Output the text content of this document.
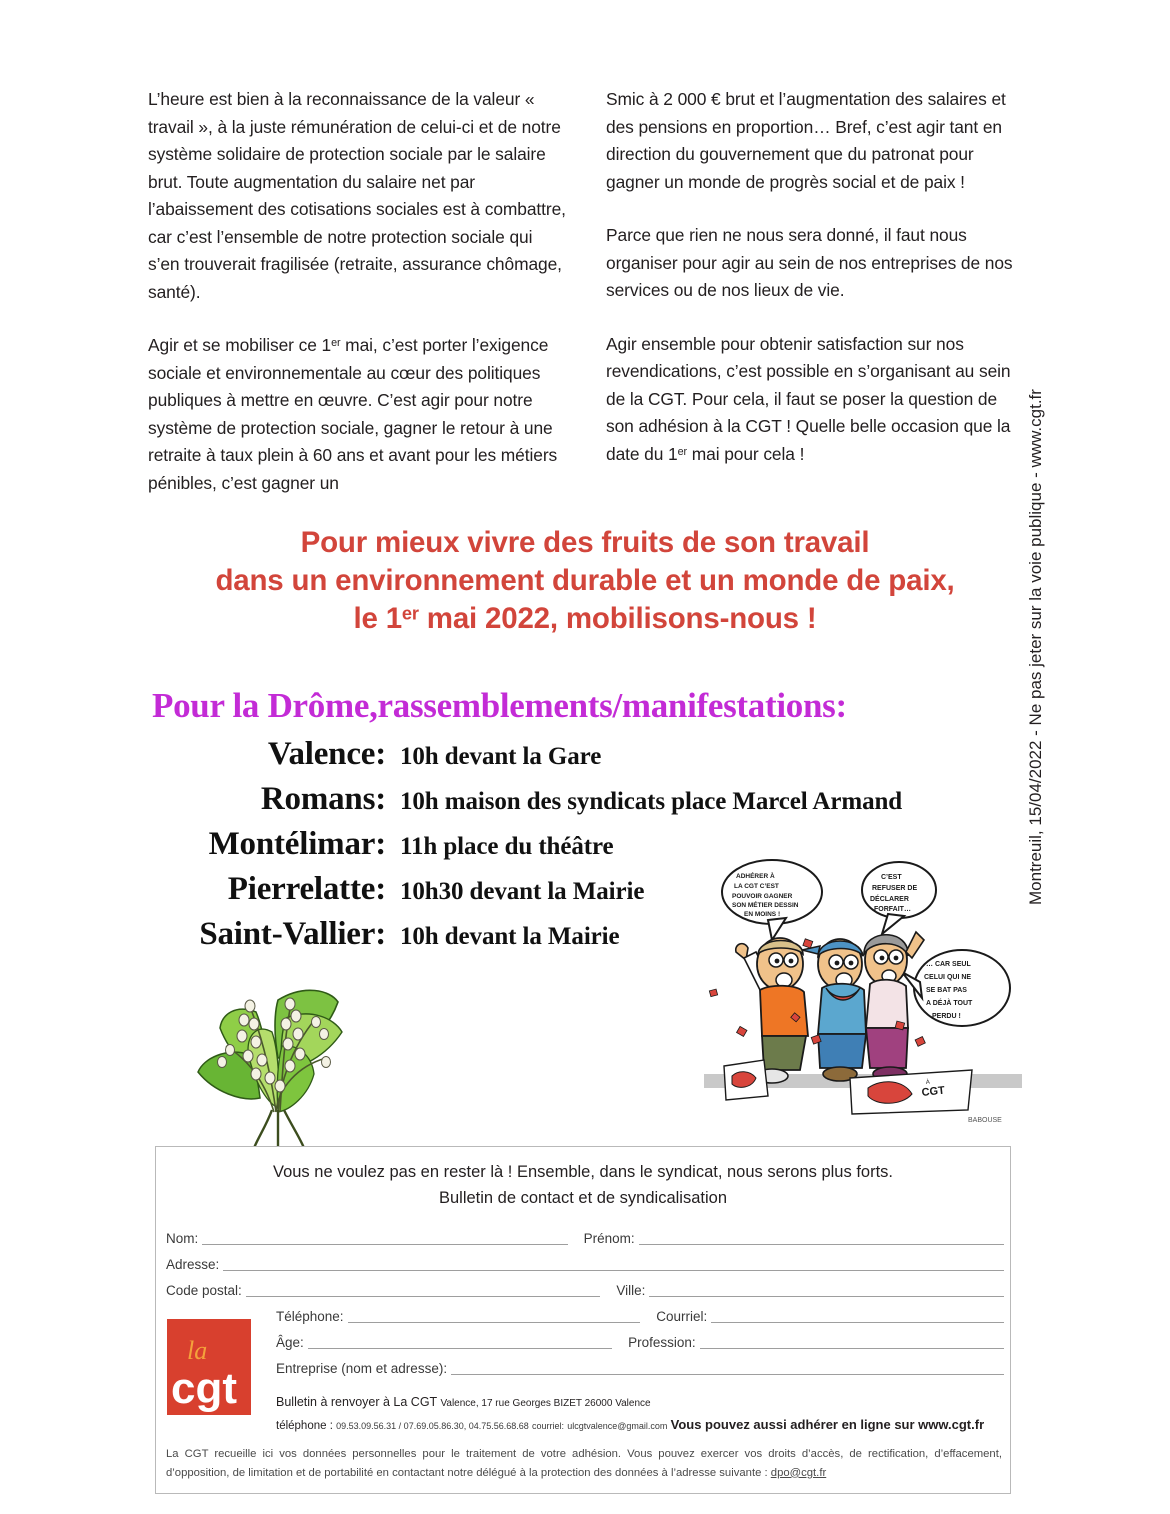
L’heure est bien à la reconnaissance de la valeur « travail », à la juste rémunération de celui-ci et de notre système solidaire de protection sociale par le salaire brut. Toute augmentation du salaire net par l’abaissement des cotisations sociales est à combattre, car c’est l’ensemble de notre protection sociale qui s’en trouverait fragilisée (retraite, assurance chômage, santé).

Agir et se mobiliser ce 1er mai, c’est porter l’exigence sociale et environnementale au cœur des politiques publiques à mettre en œuvre. C’est agir pour notre système de protection sociale, gagner le retour à une retraite à taux plein à 60 ans et avant pour les métiers pénibles, c’est gagner un

Smic à 2 000 € brut et l’augmentation des salaires et des pensions en proportion… Bref, c’est agir tant en direction du gouvernement que du patronat pour gagner un monde de progrès social et de paix !

Parce que rien ne nous sera donné, il faut nous organiser pour agir au sein de nos entreprises de nos services ou de nos lieux de vie.

Agir ensemble pour obtenir satisfaction sur nos revendications, c’est possible en s’organisant au sein de la CGT. Pour cela, il faut se poser la question de son adhésion à la CGT ! Quelle belle occasion que la date du 1er mai pour cela !

Pour mieux vivre des fruits de son travail
dans un environnement durable et un monde de paix,
le 1er mai 2022, mobilisons-nous !
Pour la Drôme,rassemblements/manifestations:
Valence: 10h devant la Gare
Romans: 10h maison des syndicats place Marcel Armand
Montélimar: 11h place du théâtre
Pierrelatte: 10h30 devant la Mairie
Saint-Vallier: 10h devant la Mairie
ADHÉRER À
LA CGT C’EST
POUVOIR GAGNER
SON MÉTIER DESSIN
EN MOINS !
C’EST
REFUSER DE
DÉCLARER
FORFAIT…
… CAR SEUL
CELUI QUI NE
SE BAT PAS
A DÉJÀ TOUT
PERDU !
CGT
À
BABOUSE
Montreuil, 15/04/2022 - Ne pas jeter sur la voie publique - www.cgt.fr
Vous ne voulez pas en rester là ! Ensemble, dans le syndicat, nous serons plus forts.
Bulletin de contact et de syndicalisation
Nom:	Prénom:
Adresse:
Code postal:	Ville:
Téléphone:	Courriel:
Âge:	Profession:
Entreprise (nom et adresse):
la
cgt	Bulletin à renvoyer à La CGT Valence, 17 rue Georges BIZET 26000 Valence
téléphone : 09.53.09.56.31 / 07.69.05.86.30, 04.75.56.68.68 courriel: ulcgtvalence@gmail.com Vous pouvez aussi adhérer en ligne sur www.cgt.fr
La CGT recueille ici vos données personnelles pour le traitement de votre adhésion. Vous pouvez exercer vos droits d’accès, de rectification, d’effacement, d’opposition, de limitation et de portabilité en contactant notre délégué à la protection des données à l’adresse suivante : dpo@cgt.fr
